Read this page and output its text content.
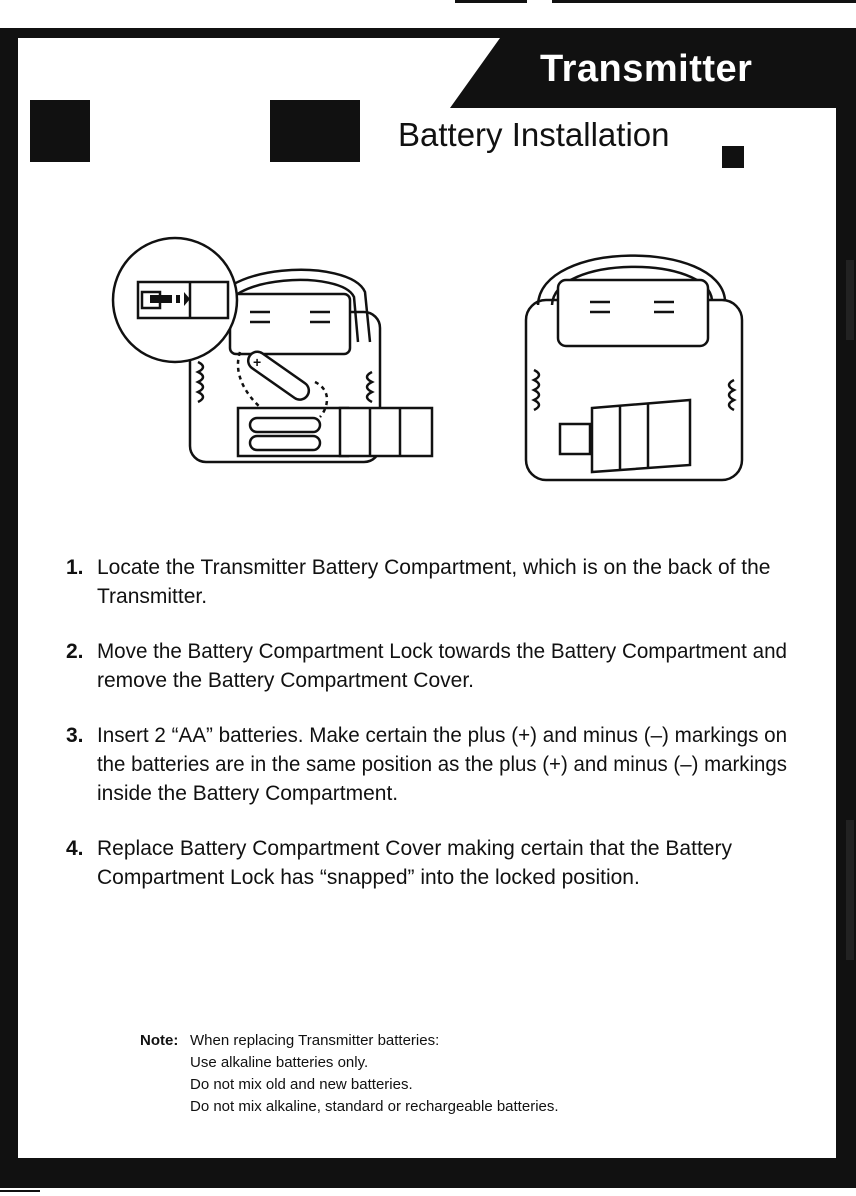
Transmitter
Battery Installation
+
1. Locate the Transmitter Battery Compartment, which is on the back of the
Transmitter.
2. Move the Battery Compartment Lock towards the Battery Compartment and
remove the Battery Compartment Cover.
3. Insert 2 “AA” batteries. Make certain the plus (+) and minus (–) markings on
the batteries are in the same position as the plus (+) and minus (–) markings
inside the Battery Compartment.
4. Replace Battery Compartment Cover making certain that the Battery
Compartment Lock has “snapped” into the locked position.
Note: When replacing Transmitter batteries:
Use alkaline batteries only.
Do not mix old and new batteries.
Do not mix alkaline, standard or rechargeable batteries.
